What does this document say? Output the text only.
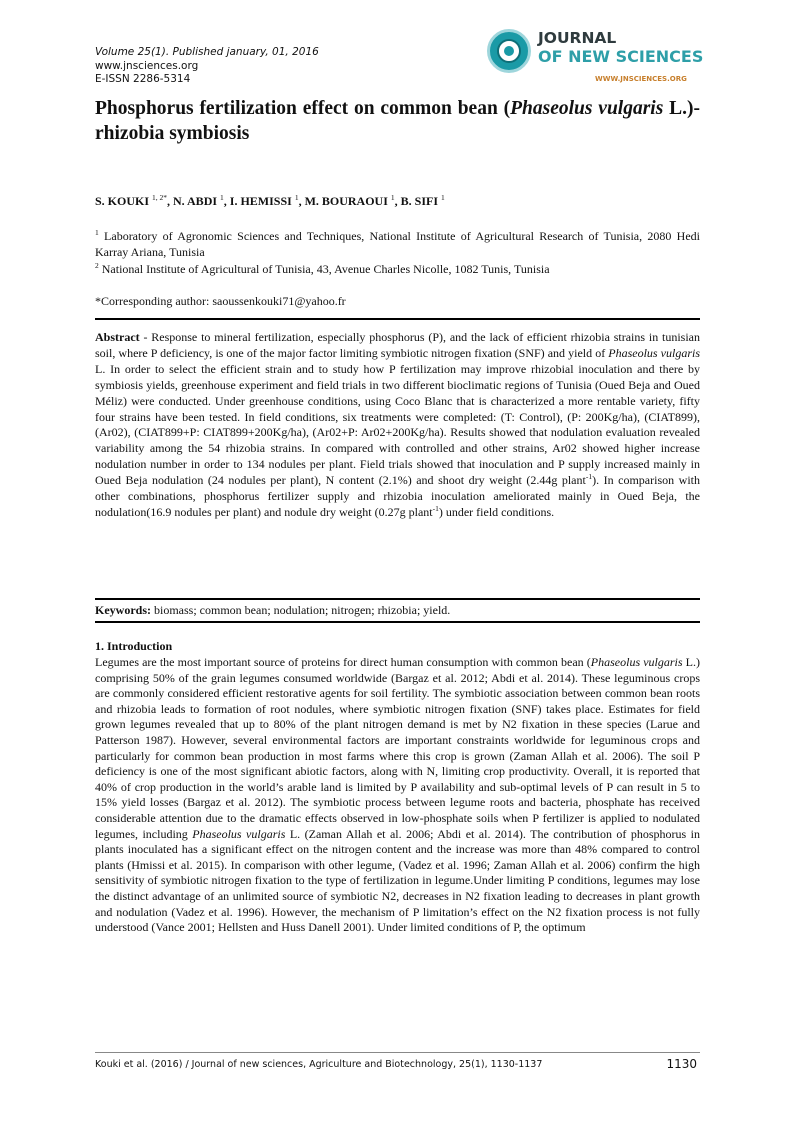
Volume 25(1). Published january, 01, 2016
www.jnsciences.org
E-ISSN 2286-5314
JOURNAL
OF NEW SCIENCES
WWW.JNSCIENCES.ORG
Phosphorus fertilization effect on common bean (Phaseolus vulgaris L.)-rhizobia symbiosis
S. KOUKI $^{1, 2*}$, N. ABDI $^1$, I. HEMISSI $^1$, M. BOURAOUI $^1$, B. SIFI $^1$
$^1$ Laboratory of Agronomic Sciences and Techniques, National Institute of Agricultural Research of Tunisia, 2080 Hedi Karray Ariana, Tunisia
$^2$ National Institute of Agricultural of Tunisia, 43, Avenue Charles Nicolle, 1082 Tunis, Tunisia
*Corresponding author: saoussenkouki71@yahoo.fr
Abstract - Response to mineral fertilization, especially phosphorus (P), and the lack of efficient rhizobia strains in tunisian soil, where P deficiency, is one of the major factor limiting symbiotic nitrogen fixation (SNF) and yield of Phaseolus vulgaris L. In order to select the efficient strain and to study how P fertilization may improve rhizobial inoculation and there by symbiosis yields, greenhouse experiment and field trials in two different bioclimatic regions of Tunisia (Oued Beja and Oued Méliz) were conducted. Under greenhouse conditions, using Coco Blanc that is characterized a more rentable variety, fifty four strains have been tested. In field conditions, six treatments were completed: (T: Control), (P: 200Kg/ha), (CIAT899), (Ar02), (CIAT899+P: CIAT899+200Kg/ha), (Ar02+P: Ar02+200Kg/ha). Results showed that nodulation evaluation revealed variability among the 54 rhizobia strains. In compared with controlled and other strains, Ar02 showed higher increase nodulation number in order to 134 nodules per plant. Field trials showed that inoculation and P supply increased mainly in Oued Beja nodulation (24 nodules per plant), N content (2.1%) and shoot dry weight (2.44g plant$^{-1}$). In comparison with other combinations, phosphorus fertilizer supply and rhizobia inoculation ameliorated mainly in Oued Beja, the nodulation(16.9 nodules per plant) and nodule dry weight (0.27g plant$^{-1}$) under field conditions.
Keywords: biomass; common bean; nodulation; nitrogen; rhizobia; yield.
1. Introduction
Legumes are the most important source of proteins for direct human consumption with common bean (Phaseolus vulgaris L.) comprising 50% of the grain legumes consumed worldwide (Bargaz et al. 2012; Abdi et al. 2014). These leguminous crops are commonly considered efficient restorative agents for soil fertility. The symbiotic association between common bean roots and rhizobia leads to formation of root nodules, where symbiotic nitrogen fixation (SNF) takes place. Estimates for field grown legumes revealed that up to 80% of the plant nitrogen demand is met by N2 fixation in these species (Larue and Patterson 1987). However, several environmental factors are important constraints worldwide for leguminous crops and particularly for common bean production in most farms where this crop is grown (Zaman Allah et al. 2006). The soil P deficiency is one of the most significant abiotic factors, along with N, limiting crop productivity. Overall, it is reported that 40% of crop production in the world’s arable land is limited by P availability and sub-optimal levels of P can result in 5 to 15% yield losses (Bargaz et al. 2012). The symbiotic process between legume roots and bacteria, phosphate has received considerable attention due to the dramatic effects observed in low-phosphate soils when P fertilizer is applied to nodulated legumes, including Phaseolus vulgaris L. (Zaman Allah et al. 2006; Abdi et al. 2014). The contribution of phosphorus in plants inoculated has a significant effect on the nitrogen content and the increase was more than 48% compared to control plants (Hmissi et al. 2015). In comparison with other legume, (Vadez et al. 1996; Zaman Allah et al. 2006) confirm the high sensitivity of symbiotic nitrogen fixation to the type of fertilization in legume.Under limiting P conditions, legumes may lose the distinct advantage of an unlimited source of symbiotic N2, decreases in N2 fixation leading to decreases in plant growth and nodulation (Vadez et al. 1996). However, the mechanism of P limitation’s effect on the N2 fixation process is not fully understood (Vance 2001; Hellsten and Huss Danell 2001). Under limited conditions of P, the optimum
Kouki et al. (2016) / Journal of new sciences, Agriculture and Biotechnology, 25(1), 1130-1137	1130
